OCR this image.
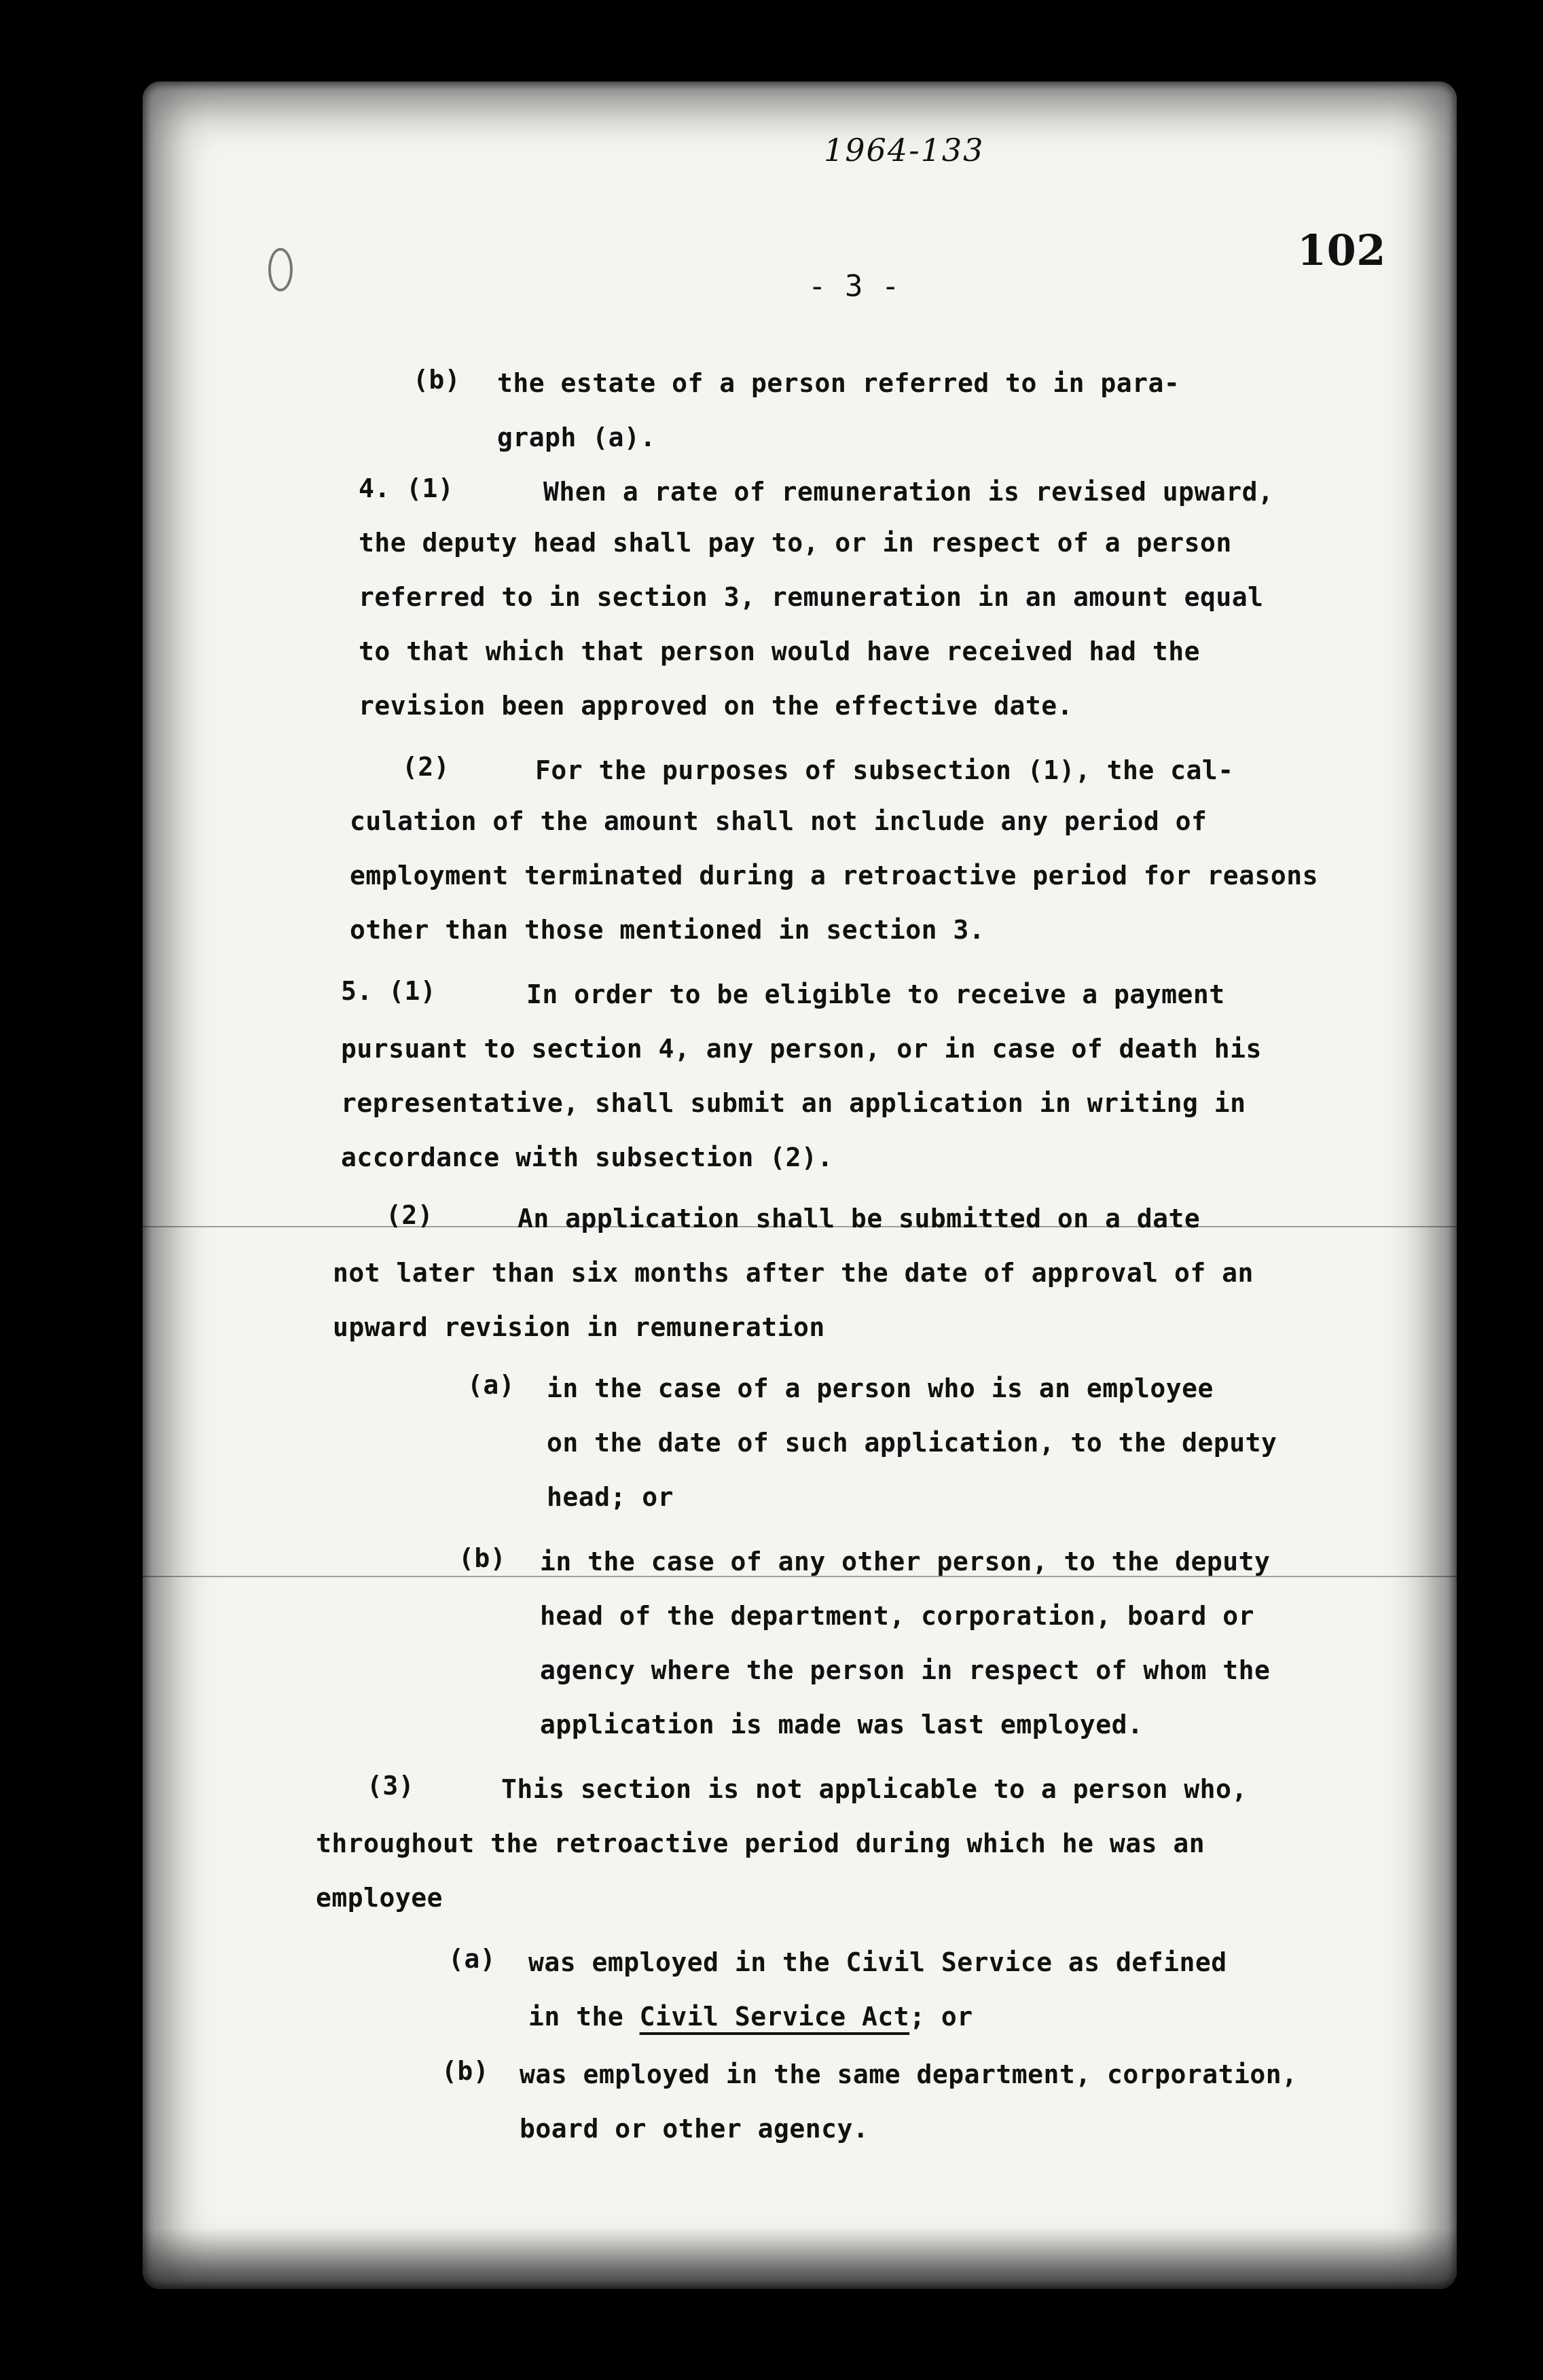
1964-133
102
- 3 -
(b) the estate of a person referred to in para-
graph (a).
4. (1)	When a rate of remuneration is revised upward,
the deputy head shall pay to, or in respect of a person
referred to in section 3, remuneration in an amount equal
to that which that person would have received had the
revision been approved on the effective date.
(2)	For the purposes of subsection (1), the cal-
culation of the amount shall not include any period of
employment terminated during a retroactive period for reasons
other than those mentioned in section 3.
5. (1)	In order to be eligible to receive a payment
pursuant to section 4, any person, or in case of death his
representative, shall submit an application in writing in
accordance with subsection (2).
(2)	An application shall be submitted on a date
not later than six months after the date of approval of an
upward revision in remuneration
(a) in the case of a person who is an employee
on the date of such application, to the deputy
head; or
(b) in the case of any other person, to the deputy
head of the department, corporation, board or
agency where the person in respect of whom the
application is made was last employed.
(3)	This section is not applicable to a person who,
throughout the retroactive period during which he was an
employee
(a) was employed in the Civil Service as defined
in the Civil Service Act; or
(b) was employed in the same department, corporation,
board or other agency.
